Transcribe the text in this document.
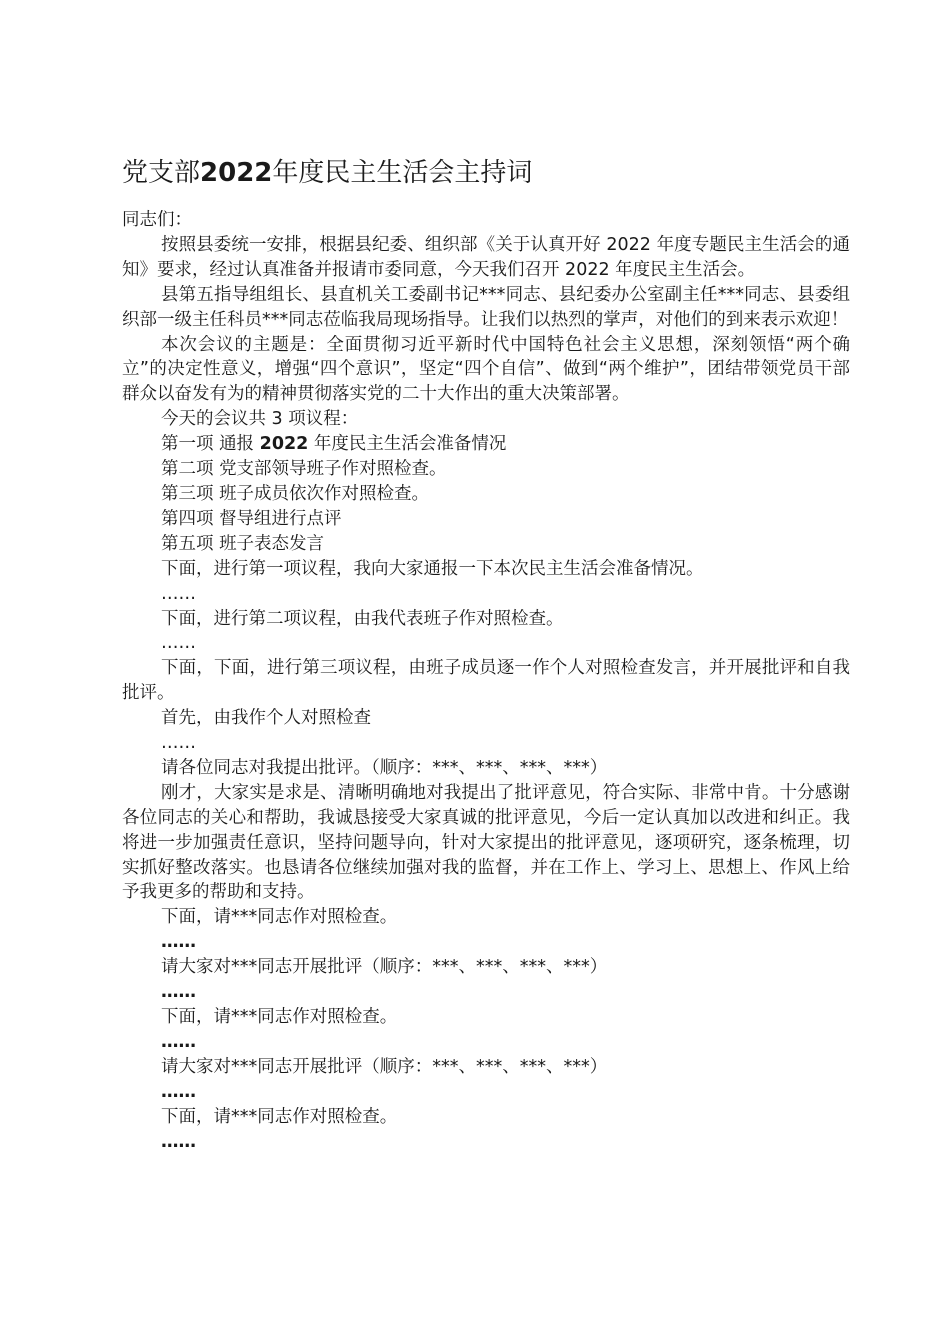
党支部2022年度民主生活会主持词

同志们：

按照县委统一安排，根据县纪委、组织部《关于认真开好 2022 年度专题民主生活会的通知》要求，经过认真准备并报请市委同意，今天我们召开 2022 年度民主生活会。

县第五指导组组长、县直机关工委副书记***同志、县纪委办公室副主任***同志、县委组织部一级主任科员***同志莅临我局现场指导。让我们以热烈的掌声，对他们的到来表示欢迎！

本次会议的主题是：全面贯彻习近平新时代中国特色社会主义思想，深刻领悟“两个确立”的决定性意义，增强“四个意识”，坚定“四个自信”、做到“两个维护”，团结带领党员干部群众以奋发有为的精神贯彻落实党的二十大作出的重大决策部署。

今天的会议共 3 项议程：

第一项 通报 2022 年度民主生活会准备情况

第二项 党支部领导班子作对照检查。

第三项 班子成员依次作对照检查。

第四项 督导组进行点评

第五项 班子表态发言

下面，进行第一项议程，我向大家通报一下本次民主生活会准备情况。

……

下面，进行第二项议程，由我代表班子作对照检查。

……

下面，下面，进行第三项议程，由班子成员逐一作个人对照检查发言，并开展批评和自我批评。

首先，由我作个人对照检查

……

请各位同志对我提出批评。（顺序：***、***、***、***）

刚才，大家实是求是、清晰明确地对我提出了批评意见，符合实际、非常中肯。十分感谢各位同志的关心和帮助，我诚恳接受大家真诚的批评意见，今后一定认真加以改进和纠正。我将进一步加强责任意识，坚持问题导向，针对大家提出的批评意见，逐项研究，逐条梳理，切实抓好整改落实。也恳请各位继续加强对我的监督，并在工作上、学习上、思想上、作风上给予我更多的帮助和支持。

下面，请***同志作对照检查。

……

请大家对***同志开展批评（顺序：***、***、***、***）

……

下面，请***同志作对照检查。

……

请大家对***同志开展批评（顺序：***、***、***、***）

……

下面，请***同志作对照检查。

……
